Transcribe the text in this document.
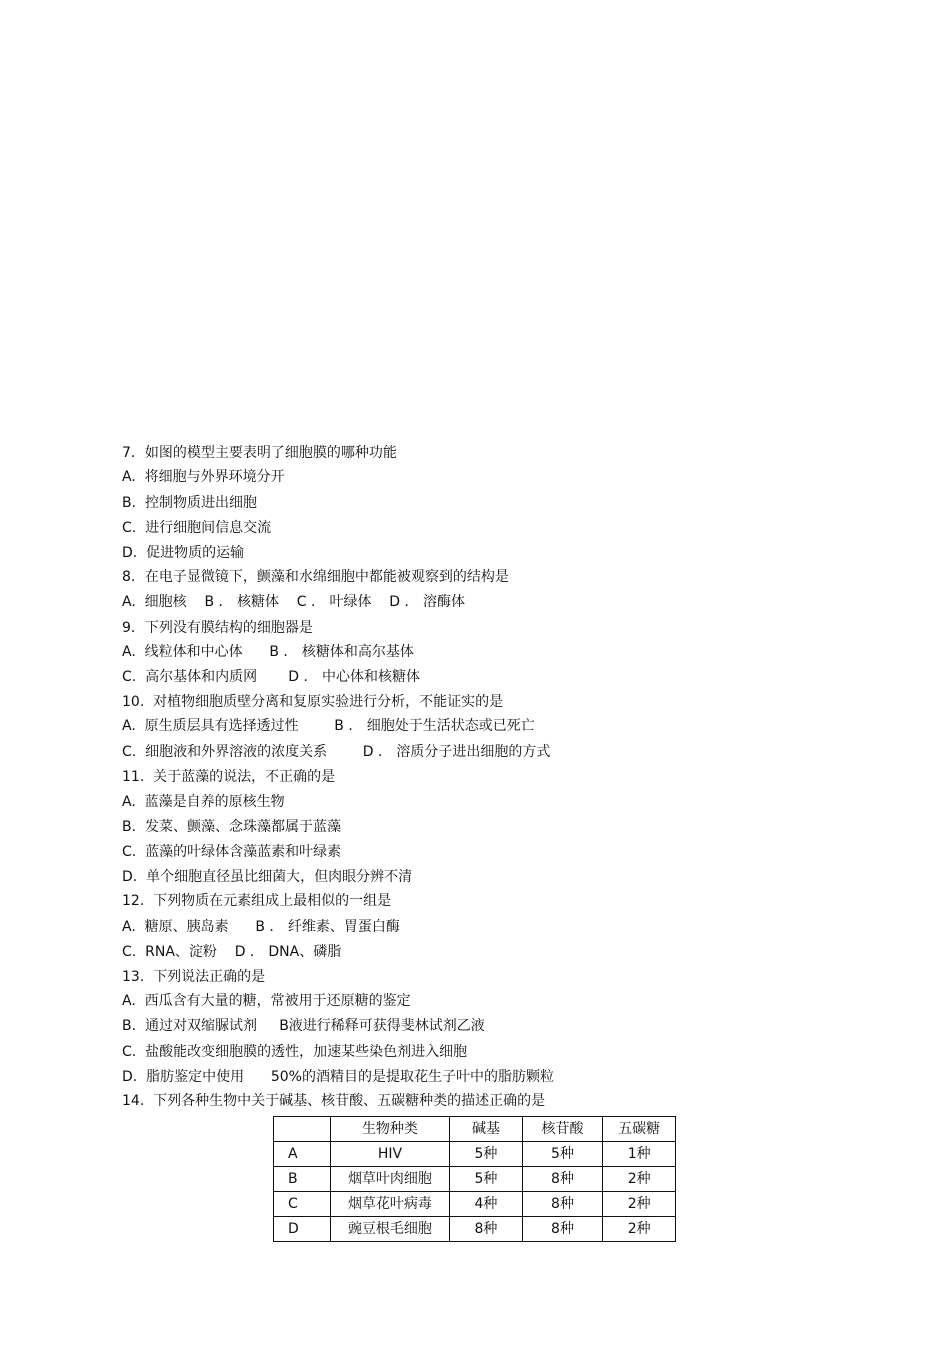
7．如图的模型主要表明了细胞膜的哪种功能
A.  将细胞与外界环境分开
B.  控制物质进出细胞
C.  进行细胞间信息交流
D.  促进物质的运输
8．在电子显微镜下，颤藻和水绵细胞中都能被观察到的结构是
A.  细胞核    B ． 核糖体    C ． 叶绿体    D ． 溶酶体
9．下列没有膜结构的细胞器是
A.  线粒体和中心体      B ． 核糖体和高尔基体
C.  高尔基体和内质网       D ． 中心体和核糖体
10.  对植物细胞质壁分离和复原实验进行分析，不能证实的是
A.  原生质层具有选择透过性        B ． 细胞处于生活状态或已死亡
C.  细胞液和外界溶液的浓度关系        D ． 溶质分子进出细胞的方式
11.  关于蓝藻的说法，不正确的是
A.  蓝藻是自养的原核生物
B.  发菜、颤藻、念珠藻都属于蓝藻
C.  蓝藻的叶绿体含藻蓝素和叶绿素
D.  单个细胞直径虽比细菌大，但肉眼分辨不清
12.  下列物质在元素组成上最相似的一组是
A.  糖原、胰岛素      B ． 纤维素、胃蛋白酶
C.  RNA、淀粉    D ． DNA、磷脂
13.  下列说法正确的是
A.  西瓜含有大量的糖，常被用于还原糖的鉴定
B.  通过对双缩脲试剂     B液进行稀释可获得斐林试剂乙液
C.  盐酸能改变细胞膜的透性，加速某些染色剂进入细胞
D.  脂肪鉴定中使用      50%的酒精目的是提取花生子叶中的脂肪颗粒
14.  下列各种生物中关于碱基、核苷酸、五碳糖种类的描述正确的是
	生物种类	碱基	核苷酸	五碳糖
A	HIV	5种	5种	1种
B	烟草叶肉细胞	5种	8种	2种
C	烟草花叶病毒	4种	8种	2种
D	豌豆根毛细胞	8种	8种	2种
